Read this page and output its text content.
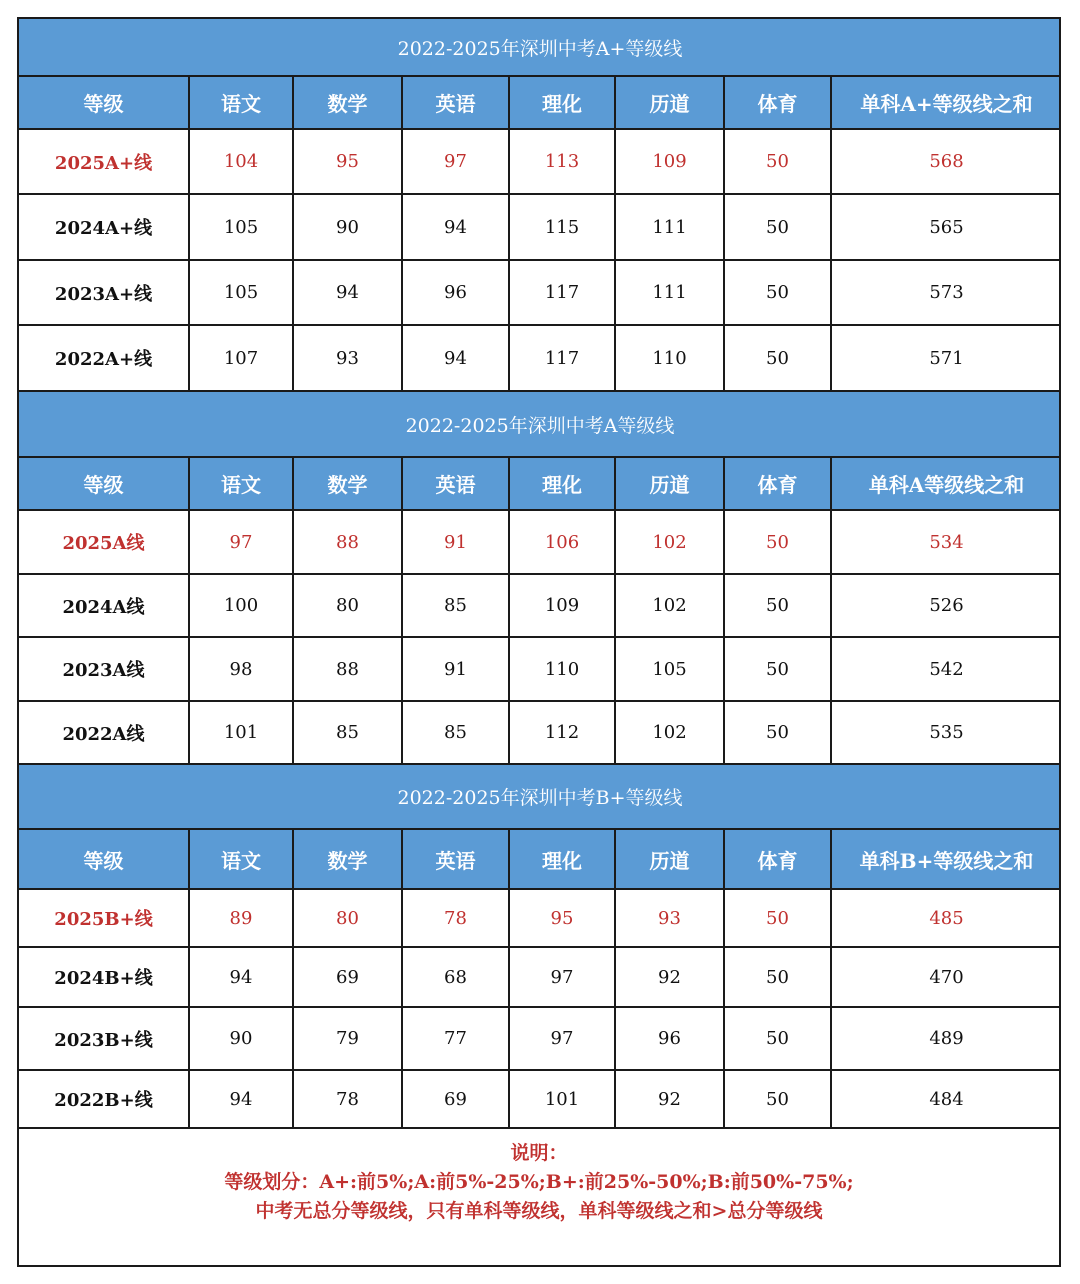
2022-2025年深圳中考A+等级线							
等级	语文	数学	英语	理化	历道	体育	单科A+等级线之和
2025A+线	104	95	97	113	109	50	568
2024A+线	105	90	94	115	111	50	565
2023A+线	105	94	96	117	111	50	573
2022A+线	107	93	94	117	110	50	571
2022-2025年深圳中考A等级线							
等级	语文	数学	英语	理化	历道	体育	单科A等级线之和
2025A线	97	88	91	106	102	50	534
2024A线	100	80	85	109	102	50	526
2023A线	98	88	91	110	105	50	542
2022A线	101	85	85	112	102	50	535
2022-2025年深圳中考B+等级线							
等级	语文	数学	英语	理化	历道	体育	单科B+等级线之和
2025B+线	89	80	78	95	93	50	485
2024B+线	94	69	68	97	92	50	470
2023B+线	90	79	77	97	96	50	489
2022B+线	94	78	69	101	92	50	484
说明：
等级划分：A+:前5%;A:前5%-25%;B+:前25%-50%;B:前50%-75%;
中考无总分等级线，只有单科等级线，单科等级线之和>总分等级线
